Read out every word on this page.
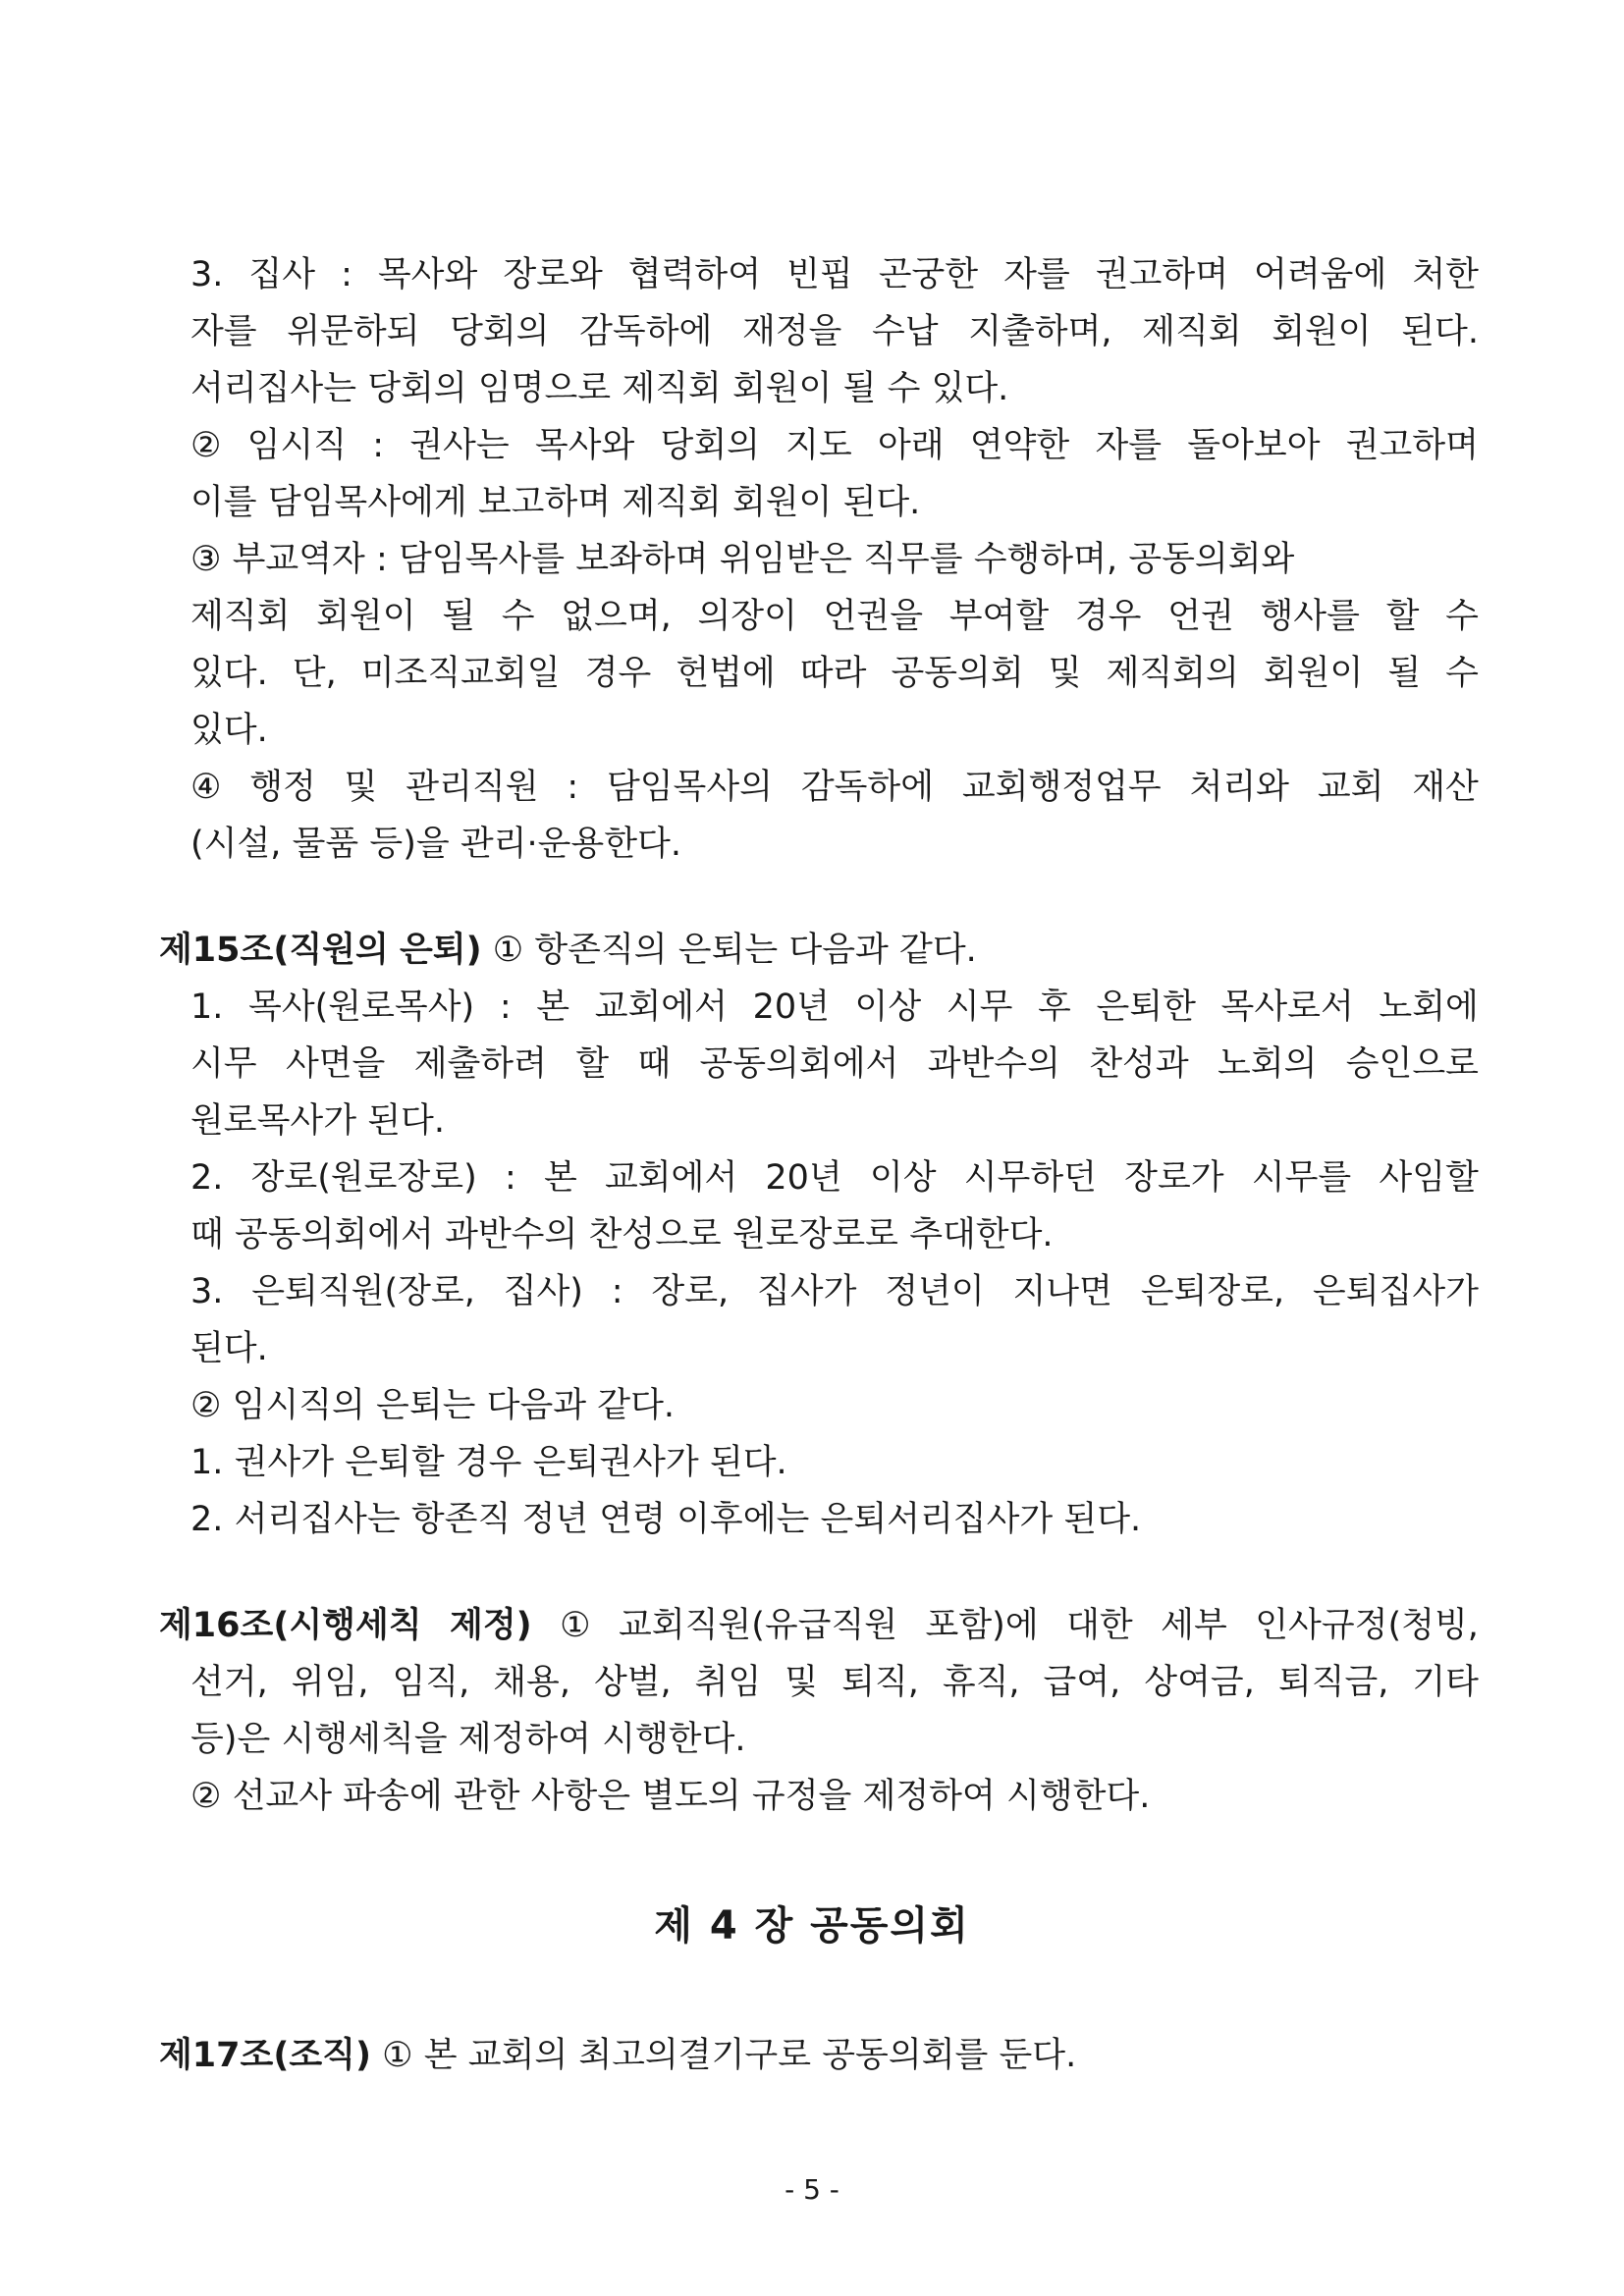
3. 집사 : 목사와 장로와 협력하여 빈핍 곤궁한 자를 권고하며 어려움에 처한
자를 위문하되 당회의 감독하에 재정을 수납 지출하며, 제직회 회원이 된다.
서리집사는 당회의 임명으로 제직회 회원이 될 수 있다.
② 임시직 : 권사는 목사와 당회의 지도 아래 연약한 자를 돌아보아 권고하며
이를 담임목사에게 보고하며 제직회 회원이 된다.
③ 부교역자 : 담임목사를 보좌하며 위임받은 직무를 수행하며, 공동의회와
제직회 회원이 될 수 없으며, 의장이 언권을 부여할 경우 언권 행사를 할 수
있다. 단, 미조직교회일 경우 헌법에 따라 공동의회 및 제직회의 회원이 될 수
있다.
④ 행정 및 관리직원 : 담임목사의 감독하에 교회행정업무 처리와 교회 재산
(시설, 물품 등)을 관리·운용한다.
제15조(직원의 은퇴) ① 항존직의 은퇴는 다음과 같다.
1. 목사(원로목사) : 본 교회에서 20년 이상 시무 후 은퇴한 목사로서 노회에
시무 사면을 제출하려 할 때 공동의회에서 과반수의 찬성과 노회의 승인으로
원로목사가 된다.
2. 장로(원로장로) : 본 교회에서 20년 이상 시무하던 장로가 시무를 사임할
때 공동의회에서 과반수의 찬성으로 원로장로로 추대한다.
3. 은퇴직원(장로, 집사) : 장로, 집사가 정년이 지나면 은퇴장로, 은퇴집사가
된다.
② 임시직의 은퇴는 다음과 같다.
1. 권사가 은퇴할 경우 은퇴권사가 된다.
2. 서리집사는 항존직 정년 연령 이후에는 은퇴서리집사가 된다.
제16조(시행세칙 제정) ① 교회직원(유급직원 포함)에 대한 세부 인사규정(청빙,
선거, 위임, 임직, 채용, 상벌, 취임 및 퇴직, 휴직, 급여, 상여금, 퇴직금, 기타
등)은 시행세칙을 제정하여 시행한다.
② 선교사 파송에 관한 사항은 별도의 규정을 제정하여 시행한다.
제17조(조직) ① 본 교회의 최고의결기구로 공동의회를 둔다.
제 4 장 공동의회
- 5 -
